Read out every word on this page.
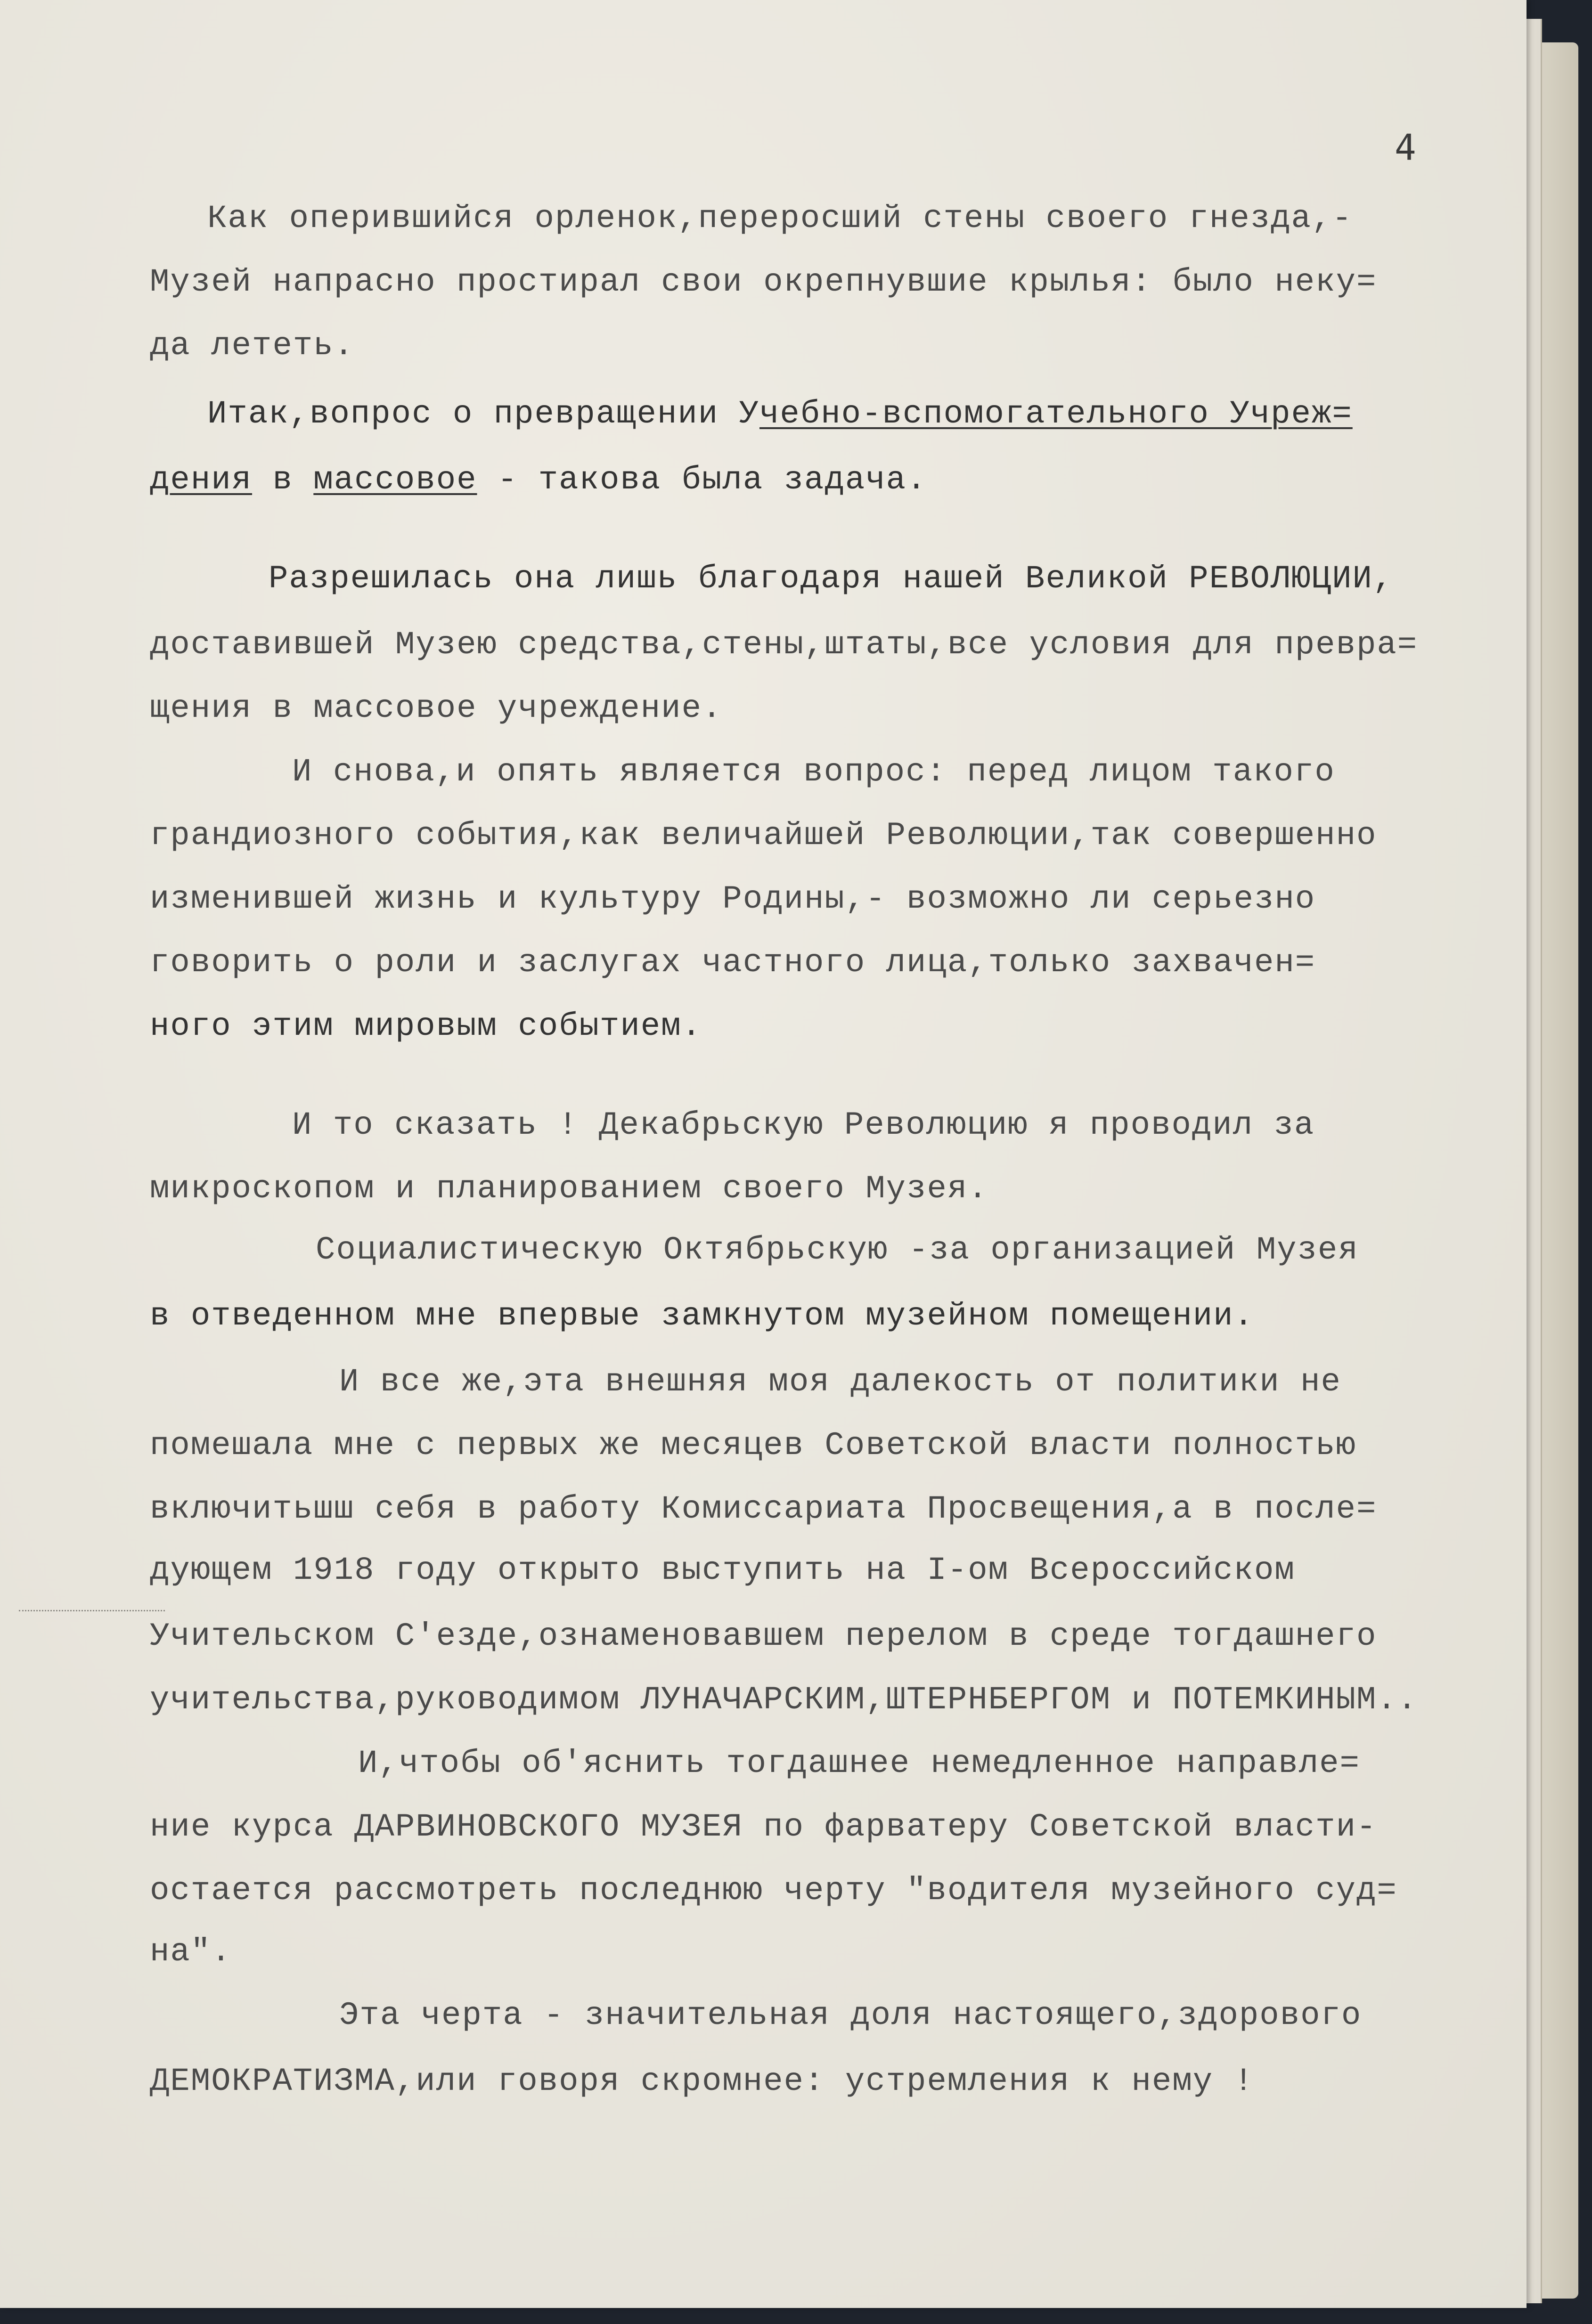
4

Как оперившийся орленок,переросший стены своего гнезда,-

Музей напрасно простирал свои окрепнувшие крылья: было неку=

да лететь.

Итак,вопрос о превращении Учебно-вспомогательного Учреж=

дения в массовое - такова была задача.

Разрешилась она лишь благодаря нашей Великой РЕВОЛЮЦИИ,

доставившей Музею средства,стены,штаты,все условия для превра=

щения в массовое учреждение.

И снова,и опять является вопрос: перед лицом такого

грандиозного события,как величайшей Революции,так совершенно

изменившей жизнь и культуру Родины,- возможно ли серьезно

говорить о роли и заслугах частного лица,только захвачен=

ного этим мировым событием.

И то сказать ! Декабрьскую Революцию я проводил за

микроскопом и планированием своего Музея.

Социалистическую Октябрьскую -за организацией Музея

в отведенном мне впервые замкнутом музейном помещении.

И все же,эта внешняя моя далекость от политики не

помешала мне с первых же месяцев Советской власти полностью

включитьшш себя в работу Комиссариата Просвещения,а в после=

дующем 1918 году открыто выступить на I-ом Всероссийском

Учительском С'езде,ознаменовавшем перелом в среде тогдашнего

учительства,руководимом ЛУНАЧАРСКИМ,ШТЕРНБЕРГОМ и ПОТЕМКИНЫМ..

И,чтобы об'яснить тогдашнее немедленное направле=

ние курса ДАРВИНОВСКОГО МУЗЕЯ по фарватеру Советской власти-

остается рассмотреть последнюю черту "водителя музейного суд=

на".

Эта черта - значительная доля настоящего,здорового

ДЕМОКРАТИЗМА,или говоря скромнее: устремления к нему !
